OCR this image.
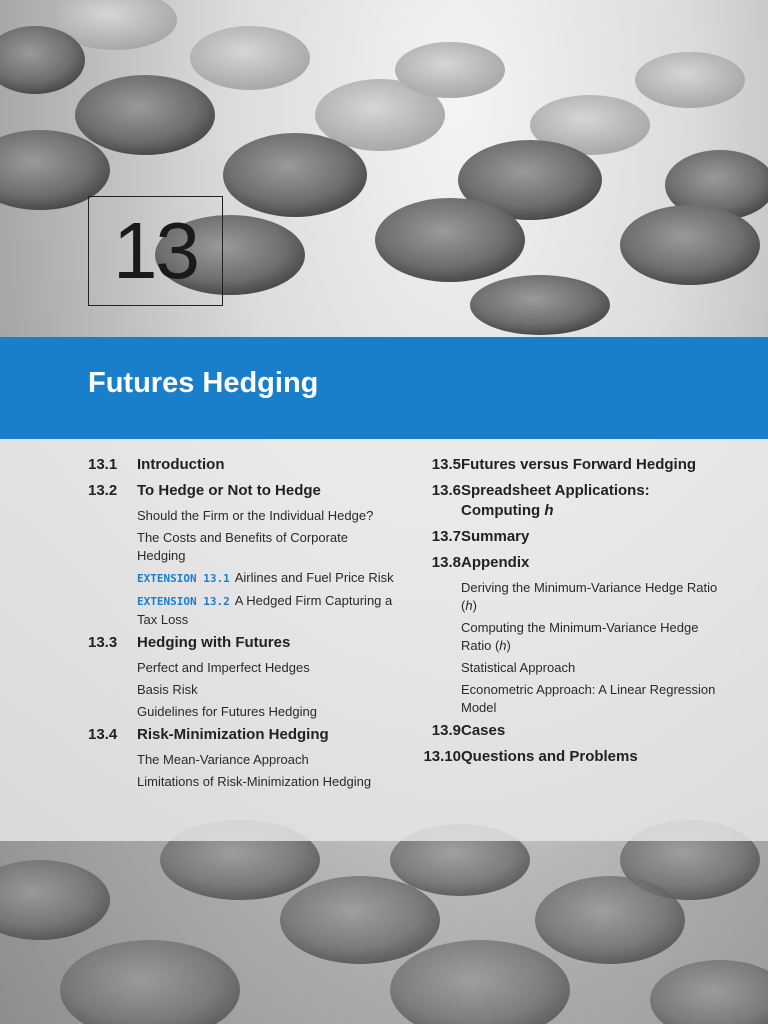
13
Futures Hedging
13.1	Introduction
13.2	To Hedge or Not to Hedge
Should the Firm or the Individual Hedge?
The Costs and Benefits of Corporate Hedging
EXTENSION 13.1 Airlines and Fuel Price Risk
EXTENSION 13.2 A Hedged Firm Capturing a Tax Loss
13.3	Hedging with Futures
Perfect and Imperfect Hedges
Basis Risk
Guidelines for Futures Hedging
13.4	Risk-Minimization Hedging
The Mean-Variance Approach
Limitations of Risk-Minimization Hedging
13.5 Futures versus Forward Hedging
13.6 Spreadsheet Applications: Computing h
13.7 Summary
13.8 Appendix
Deriving the Minimum-Variance Hedge Ratio (h)
Computing the Minimum-Variance Hedge Ratio (h)
Statistical Approach
Econometric Approach: A Linear Regression Model
13.9 Cases
13.10 Questions and Problems
